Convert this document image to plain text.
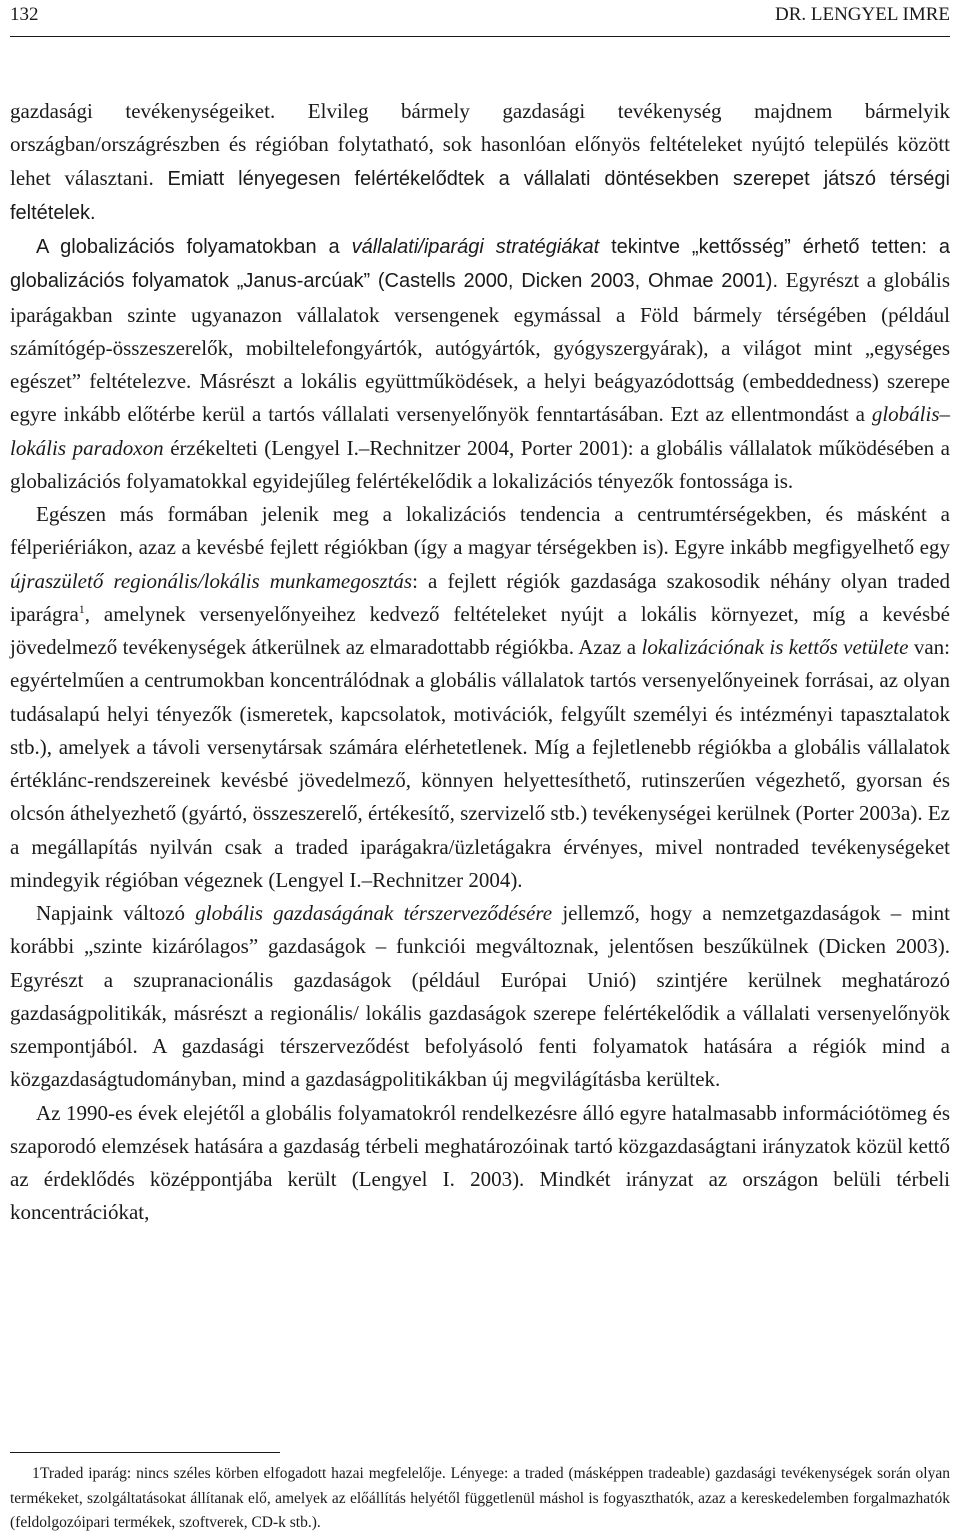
132	DR. LENGYEL IMRE

gazdasági tevékenységeiket. Elvileg bármely gazdasági tevékenység majdnem bármelyik országban/országrészben és régióban folytatható, sok hasonlóan előnyös feltételeket nyújtó település között lehet választani. Emiatt lényegesen felértékelődtek a vállalati döntésekben szerepet játszó térségi feltételek.

A globalizációs folyamatokban a vállalati/iparági stratégiákat tekintve „kettősség” érhető tetten: a globalizációs folyamatok „Janus-arcúak” (Castells 2000, Dicken 2003, Ohmae 2001). Egyrészt a globális iparágakban szinte ugyanazon vállalatok versengenek egymással a Föld bármely térségében (például számítógép-összeszerelők, mobiltelefongyártók, autógyártók, gyógyszergyárak), a világot mint „egységes egészet” feltételezve. Másrészt a lokális együttműködések, a helyi beágyazódottság (embeddedness) szerepe egyre inkább előtérbe kerül a tartós vállalati versenyelőnyök fenntartásában. Ezt az ellentmondást a globális–lokális paradoxon érzékelteti (Lengyel I.–Rechnitzer 2004, Porter 2001): a globális vállalatok működésében a globalizációs folyamatokkal egyidejűleg felértékelődik a lokalizációs tényezők fontossága is.

Egészen más formában jelenik meg a lokalizációs tendencia a centrumtérségekben, és másként a félperiériákon, azaz a kevésbé fejlett régiókban (így a magyar térségekben is). Egyre inkább megfigyelhető egy újraszülető regionális/lokális munkamegosztás: a fejlett régiók gazdasága szakosodik néhány olyan traded iparágra$^1$, amelynek versenyelőnyeihez kedvező feltételeket nyújt a lokális környezet, míg a kevésbé jövedelmező tevékenységek átkerülnek az elmaradottabb régiókba. Azaz a lokalizációnak is kettős vetülete van: egyértelműen a centrumokban koncentrálódnak a globális vállalatok tartós versenyelőnyeinek forrásai, az olyan tudásalapú helyi tényezők (ismeretek, kapcsolatok, motivációk, felgyűlt személyi és intézményi tapasztalatok stb.), amelyek a távoli versenytársak számára elérhetetlenek. Míg a fejletlenebb régiókba a globális vállalatok értéklánc-rendszereinek kevésbé jövedelmező, könnyen helyettesíthető, rutinszerűen végezhető, gyorsan és olcsón áthelyezhető (gyártó, összeszerelő, értékesítő, szervizelő stb.) tevékenységei kerülnek (Porter 2003a). Ez a megállapítás nyilván csak a traded iparágakra/üzletágakra érvényes, mivel nontraded tevékenységeket mindegyik régióban végeznek (Lengyel I.–Rechnitzer 2004).

Napjaink változó globális gazdaságának térszerveződésére jellemző, hogy a nemzetgazdaságok – mint korábbi „szinte kizárólagos” gazdaságok – funkciói megváltoznak, jelentősen beszűkülnek (Dicken 2003). Egyrészt a szupranacionális gazdaságok (például Európai Unió) szintjére kerülnek meghatározó gazdaságpolitikák, másrészt a regionális/ lokális gazdaságok szerepe felértékelődik a vállalati versenyelőnyök szempontjából. A gazdasági térszerveződést befolyásoló fenti folyamatok hatására a régiók mind a közgazdaságtudományban, mind a gazdaságpolitikákban új megvilágításba kerültek.

Az 1990-es évek elejétől a globális folyamatokról rendelkezésre álló egyre hatalmasabb információtömeg és szaporodó elemzések hatására a gazdaság térbeli meghatározóinak tartó közgazdaságtani irányzatok közül kettő az érdeklődés középpontjába került (Lengyel I. 2003). Mindkét irányzat az országon belüli térbeli koncentrációkat,

1Traded iparág: nincs széles körben elfogadott hazai megfelelője. Lényege: a traded (másképpen tradeable) gazdasági tevékenységek során olyan termékeket, szolgáltatásokat állítanak elő, amelyek az előállítás helyétől függetlenül máshol is fogyaszthatók, azaz a kereskedelemben forgalmazhatók (feldolgozóipari termékek, szoftverek, CD-k stb.).
